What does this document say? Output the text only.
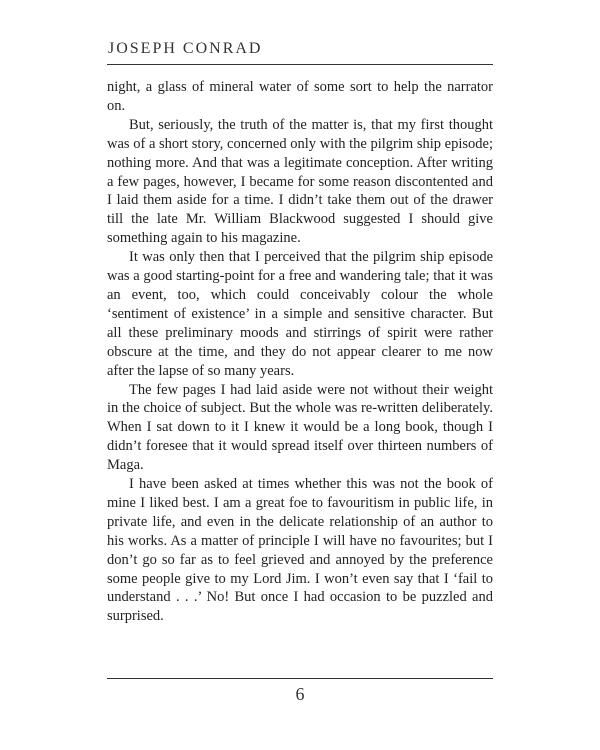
JOSEPH CONRAD

night, a glass of mineral water of some sort to help the narrator on.

But, seriously, the truth of the matter is, that my first thought was of a short story, concerned only with the pilgrim ship episode; nothing more. And that was a legitimate conception. After writing a few pages, however, I became for some reason discontented and I laid them aside for a time. I didn’t take them out of the drawer till the late Mr. William Blackwood suggested I should give something again to his magazine.

It was only then that I perceived that the pilgrim ship episode was a good starting-point for a free and wandering tale; that it was an event, too, which could conceivably colour the whole ‘sentiment of existence’ in a simple and sensitive character. But all these preliminary moods and stirrings of spirit were rather obscure at the time, and they do not appear clearer to me now after the lapse of so many years.

The few pages I had laid aside were not without their weight in the choice of subject. But the whole was re-written deliberately. When I sat down to it I knew it would be a long book, though I didn’t foresee that it would spread itself over thirteen numbers of Maga.

I have been asked at times whether this was not the book of mine I liked best. I am a great foe to favouritism in public life, in private life, and even in the delicate relationship of an author to his works. As a matter of principle I will have no favourites; but I don’t go so far as to feel grieved and annoyed by the preference some people give to my Lord Jim. I won’t even say that I ‘fail to understand . . .’ No! But once I had occasion to be puzzled and surprised.

6
